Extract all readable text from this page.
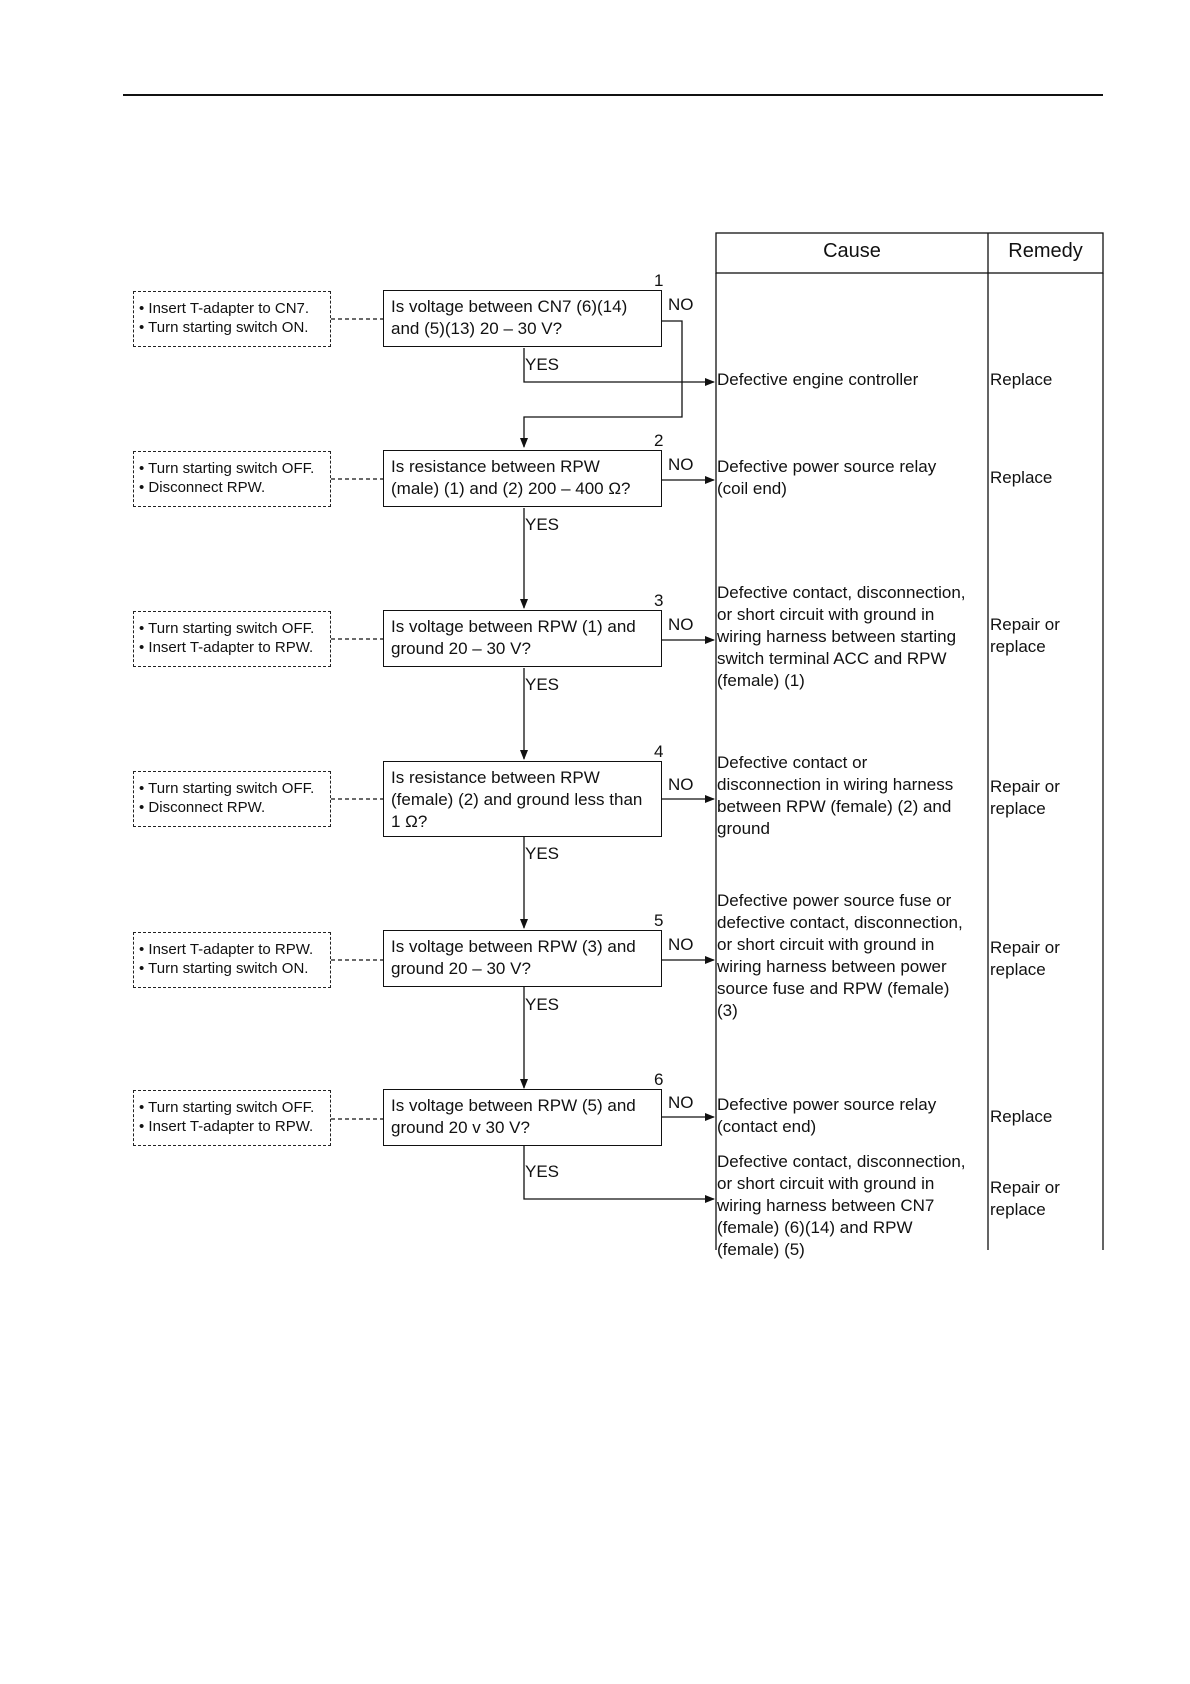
Cause	Remedy
• Insert T-adapter to CN7.
• Turn starting switch ON.
1
Is voltage between CN7 (6)(14)
and (5)(13) 20 – 30 V?
NO
YES
• Turn starting switch OFF.
• Disconnect RPW.
2
Is resistance between RPW
(male) (1) and (2) 200 – 400 Ω?
NO
YES
• Turn starting switch OFF.
• Insert T-adapter to RPW.
3
Is voltage between RPW (1) and
ground 20 – 30 V?
NO
YES
• Turn starting switch OFF.
• Disconnect RPW.
4
Is resistance between RPW
(female) (2) and ground less than
1 Ω?
NO
YES
• Insert T-adapter to RPW.
• Turn starting switch ON.
5
Is voltage between RPW (3) and
ground 20 – 30 V?
NO
YES
• Turn starting switch OFF.
• Insert T-adapter to RPW.
6
Is voltage between RPW (5) and
ground 20 v 30 V?
NO
YES
Defective engine controller
Defective power source relay
(coil end)
Defective contact, disconnection,
or short circuit with ground in
wiring harness between starting
switch terminal ACC and RPW
(female) (1)
Defective contact or
disconnection in wiring harness
between RPW (female) (2) and
ground
Defective power source fuse or
defective contact, disconnection,
or short circuit with ground in
wiring harness between power
source fuse and RPW (female)
(3)
Defective power source relay
(contact end)
Defective contact, disconnection,
or short circuit with ground in
wiring harness between CN7
(female) (6)(14) and RPW
(female) (5)
Replace
Replace
Repair or
replace
Repair or
replace
Repair or
replace
Replace
Repair or
replace
